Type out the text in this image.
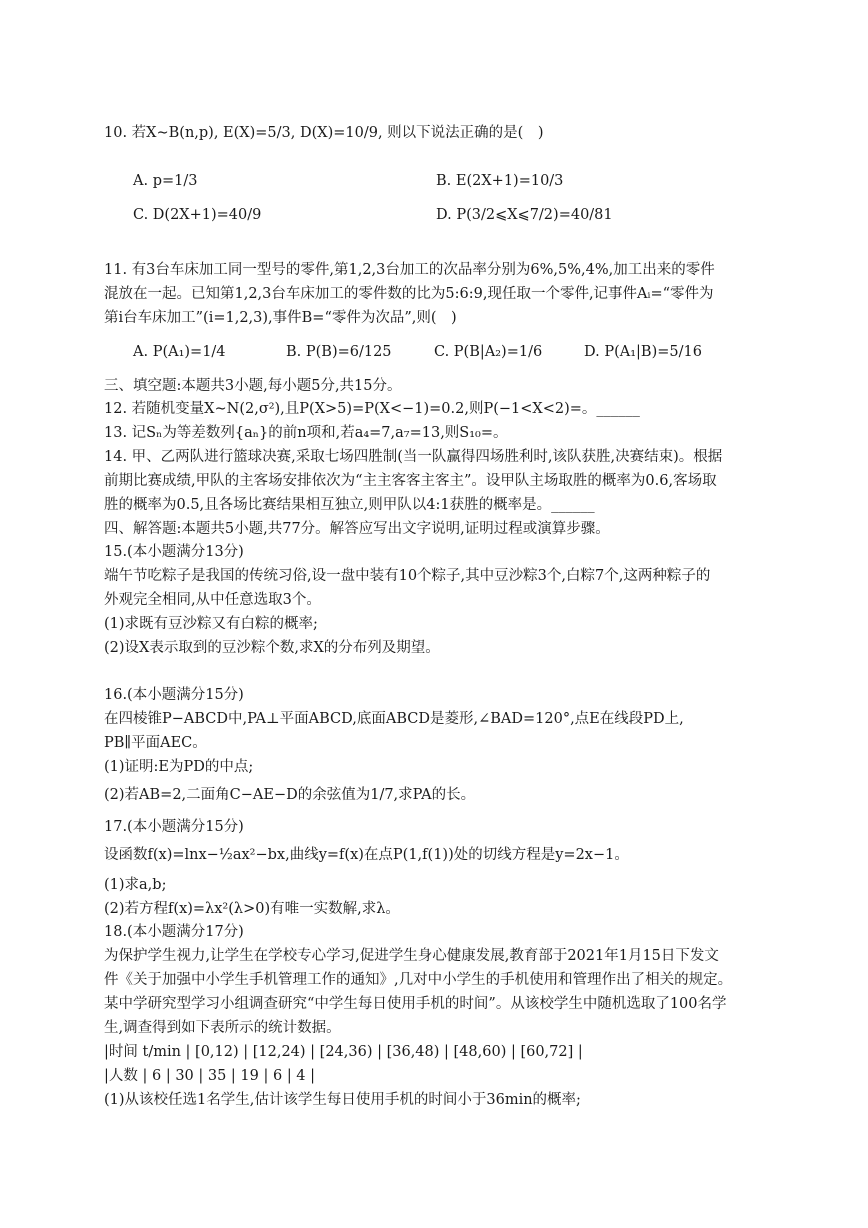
10. 若X∼B(n,p), E(X)=5/3, D(X)=10/9, 则以下说法正确的是(　)
A. p=1/3	B. E(2X+1)=10/3
C. D(2X+1)=40/9	D. P(3/2⩽X⩽7/2)=40/81
11. 有3台车床加工同一型号的零件,第1,2,3台加工的次品率分别为6%,5%,4%,加工出来的零件
混放在一起。已知第1,2,3台车床加工的零件数的比为5:6:9,现任取一个零件,记事件Aᵢ=“零件为
第i台车床加工”(i=1,2,3),事件B=“零件为次品”,则(　)
A. P(A₁)=1/4	B. P(B)=6/125	C. P(B|A₂)=1/6	D. P(A₁|B)=5/16
三、填空题:本题共3小题,每小题5分,共15分。
12. 若随机变量X∼N(2,σ²),且P(X>5)=P(X<−1)=0.2,则P(−1<X<2)=。______
13. 记Sₙ为等差数列{aₙ}的前n项和,若a₄=7,a₇=13,则S₁₀=。
14. 甲、乙两队进行篮球决赛,采取七场四胜制(当一队赢得四场胜利时,该队获胜,决赛结束)。根据
前期比赛成绩,甲队的主客场安排依次为“主主客客主客主”。设甲队主场取胜的概率为0.6,客场取
胜的概率为0.5,且各场比赛结果相互独立,则甲队以4:1获胜的概率是。______
四、解答题:本题共5小题,共77分。解答应写出文字说明,证明过程或演算步骤。
15.(本小题满分13分)
端午节吃粽子是我国的传统习俗,设一盘中装有10个粽子,其中豆沙粽3个,白粽7个,这两种粽子的
外观完全相同,从中任意选取3个。
(1)求既有豆沙粽又有白粽的概率;
(2)设X表示取到的豆沙粽个数,求X的分布列及期望。
16.(本小题满分15分)
在四棱锥P−ABCD中,PA⊥平面ABCD,底面ABCD是菱形,∠BAD=120°,点E在线段PD上,
PB∥平面AEC。
(1)证明:E为PD的中点;
(2)若AB=2,二面角C−AE−D的余弦值为1/7,求PA的长。
17.(本小题满分15分)
设函数f(x)=lnx−½ax²−bx,曲线y=f(x)在点P(1,f(1))处的切线方程是y=2x−1。
(1)求a,b;
(2)若方程f(x)=λx²(λ>0)有唯一实数解,求λ。
18.(本小题满分17分)
为保护学生视力,让学生在学校专心学习,促进学生身心健康发展,教育部于2021年1月15日下发文
件《关于加强中小学生手机管理工作的通知》,几对中小学生的手机使用和管理作出了相关的规定。
某中学研究型学习小组调查研究“中学生每日使用手机的时间”。从该校学生中随机选取了100名学
生,调查得到如下表所示的统计数据。
|时间 t/min | [0,12) | [12,24) | [24,36) | [36,48) | [48,60) | [60,72] |
|人数 | 6 | 30 | 35 | 19 | 6 | 4 |
(1)从该校任选1名学生,估计该学生每日使用手机的时间小于36min的概率;
